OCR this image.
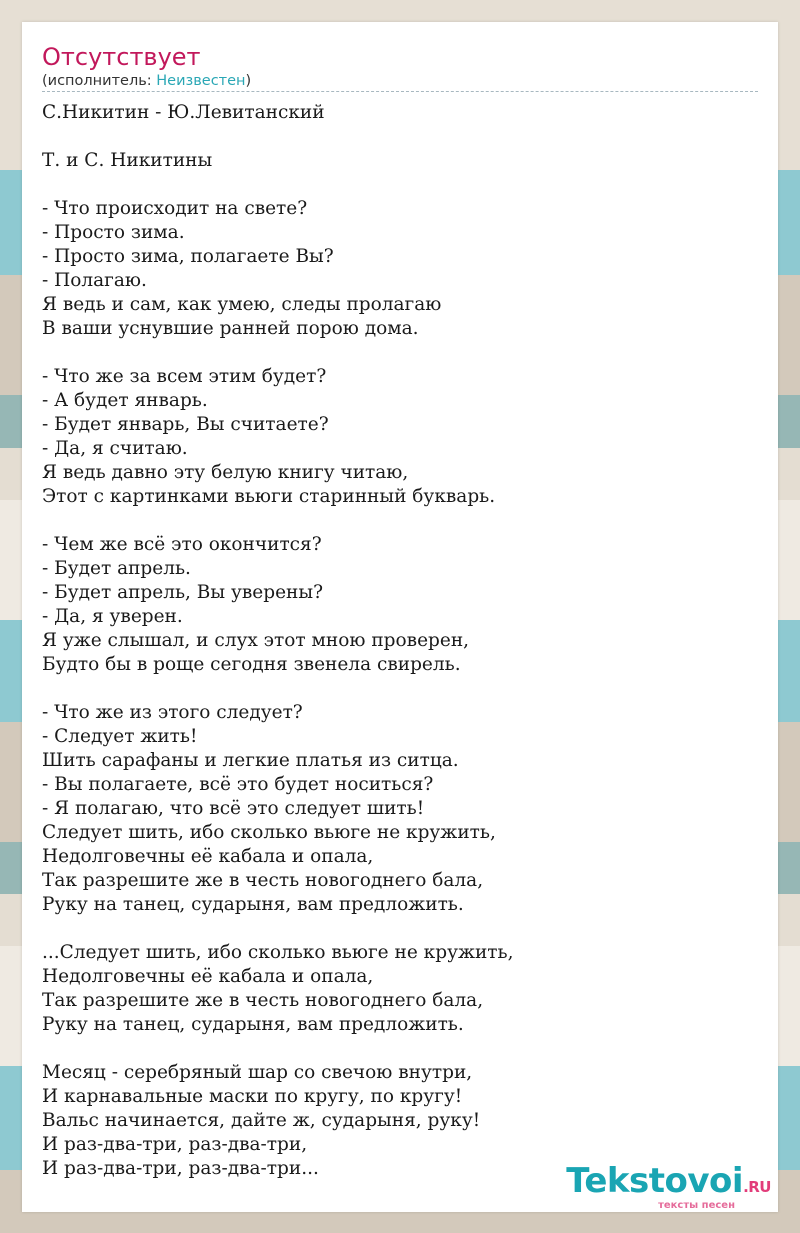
Отсутствует
(исполнитель: Неизвестен)
С.Никитин - Ю.Левитанский
Т. и С. Никитины
- Что происходит на свете?
- Просто зима.
- Просто зима, полагаете Вы?
- Полагаю.
Я ведь и сам, как умею, следы пролагаю
В ваши уснувшие ранней порою дома.
- Что же за всем этим будет?
- А будет январь.
- Будет январь, Вы считаете?
- Да, я считаю.
Я ведь давно эту белую книгу читаю,
Этот с картинками вьюги старинный букварь.
- Чем же всё это окончится?
- Будет апрель.
- Будет апрель, Вы уверены?
- Да, я уверен.
Я уже слышал, и слух этот мною проверен,
Будто бы в роще сегодня звенела свирель.
- Что же из этого следует?
- Следует жить!
Шить сарафаны и легкие платья из ситца.
- Вы полагаете, всё это будет носиться?
- Я полагаю, что всё это следует шить!
Следует шить, ибо сколько вьюге не кружить,
Недолговечны её кабала и опала,
Так разрешите же в честь новогоднего бала,
Руку на танец, сударыня, вам предложить.
...Следует шить, ибо сколько вьюге не кружить,
Недолговечны её кабала и опала,
Так разрешите же в честь новогоднего бала,
Руку на танец, сударыня, вам предложить.
Месяц - серебряный шар со свечою внутри,
И карнавальные маски по кругу, по кругу!
Вальс начинается, дайте ж, сударыня, руку!
И раз-два-три, раз-два-три,
И раз-два-три, раз-два-три...	Tekstovoi.RU
тексты песен
